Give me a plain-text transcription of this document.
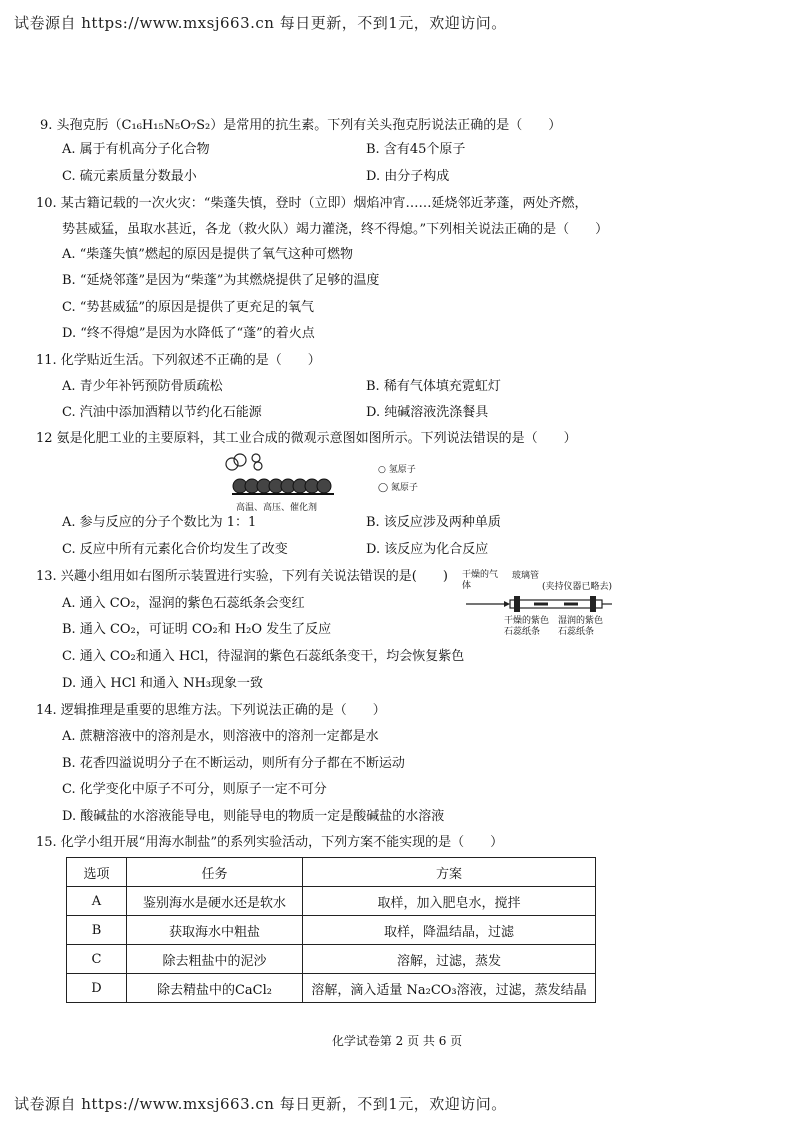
试卷源自 https://www.mxsj663.cn 每日更新，不到1元，欢迎访问。
9. 头孢克肟（C₁₆H₁₅N₅O₇S₂）是常用的抗生素。下列有关头孢克肟说法正确的是（　　）
A. 属于有机高分子化合物	B. 含有45个原子
C. 硫元素质量分数最小	D. 由分子构成
10. 某古籍记载的一次火灾：“柴蓬失慎，登时（立即）烟焰冲宵……延烧邻近茅蓬，两处齐燃，
势甚威猛，虽取水甚近，各龙（救火队）竭力灌浇，终不得熄。”下列相关说法正确的是（　　）
A. “柴蓬失慎”燃起的原因是提供了氧气这种可燃物
B. “延烧邻蓬”是因为“柴蓬”为其燃烧提供了足够的温度
C. “势甚威猛”的原因是提供了更充足的氧气
D. “终不得熄”是因为水降低了“蓬”的着火点
11. 化学贴近生活。下列叙述不正确的是（　　）
A. 青少年补钙预防骨质疏松	B. 稀有气体填充霓虹灯
C. 汽油中添加酒精以节约化石能源	D. 纯碱溶液洗涤餐具
12 氨是化肥工业的主要原料，其工业合成的微观示意图如图所示。下列说法错误的是（　　）
高温、高压、催化剂
○ 氢原子
◯ 氮原子
A. 参与反应的分子个数比为 1：1	B. 该反应涉及两种单质
C. 反应中所有元素化合价均发生了改变	D. 该反应为化合反应
13. 兴趣小组用如右图所示装置进行实验，下列有关说法错误的是(　　)
A. 通入 CO₂，湿润的紫色石蕊纸条会变红
B. 通入 CO₂，可证明 CO₂和 H₂O 发生了反应
C. 通入 CO₂和通入 HCl，待湿润的紫色石蕊纸条变干，均会恢复紫色
D. 通入 HCl 和通入 NH₃现象一致
干燥的气体
玻璃管
(夹持仪器已略去)
干燥的紫色石蕊纸条
湿润的紫色石蕊纸条
14. 逻辑推理是重要的思维方法。下列说法正确的是（　　）
A. 蔗糖溶液中的溶剂是水，则溶液中的溶剂一定都是水
B. 花香四溢说明分子在不断运动，则所有分子都在不断运动
C. 化学变化中原子不可分，则原子一定不可分
D. 酸碱盐的水溶液能导电，则能导电的物质一定是酸碱盐的水溶液
15. 化学小组开展“用海水制盐”的系列实验活动，下列方案不能实现的是（　　）
选项	任务	方案
A	鉴别海水是硬水还是软水	取样，加入肥皂水，搅拌
B	获取海水中粗盐	取样，降温结晶，过滤
C	除去粗盐中的泥沙	溶解，过滤，蒸发
D	除去精盐中的CaCl₂	溶解，滴入适量 Na₂CO₃溶液，过滤，蒸发结晶
化学试卷第 2 页 共 6 页
试卷源自 https://www.mxsj663.cn 每日更新，不到1元，欢迎访问。
